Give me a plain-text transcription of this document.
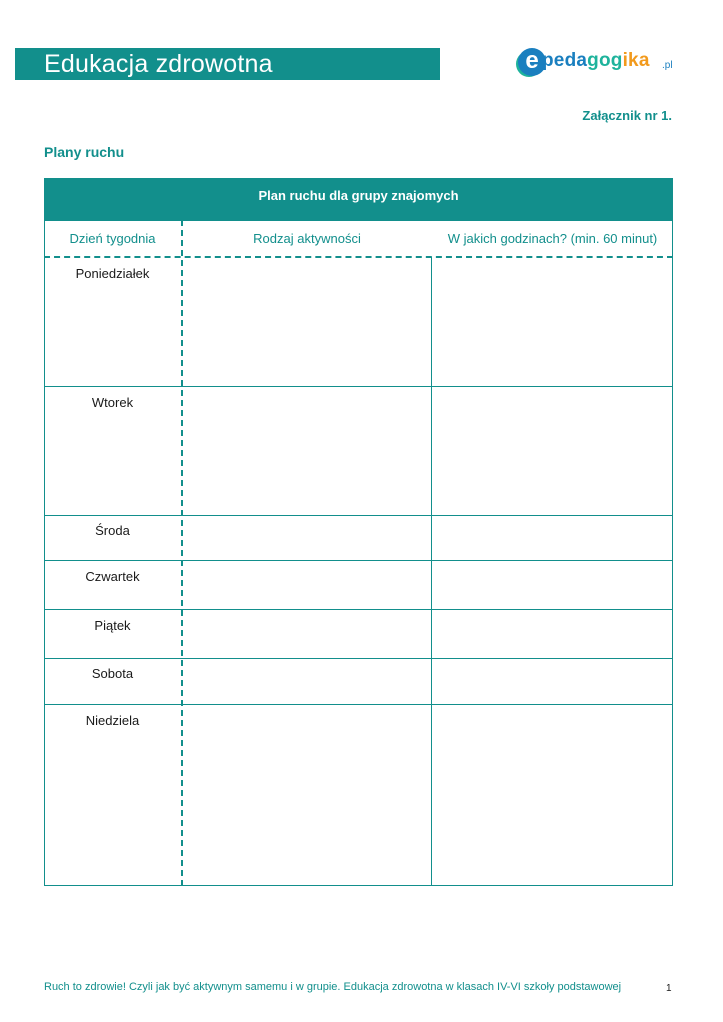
Edukacja zdrowotna	e pedagogika .pl
Załącznik nr 1.
Plany ruchu
Plan ruchu dla grupy znajomych
Dzień tygodnia	Rodzaj aktywności	W jakich godzinach? (min. 60 minut)
Poniedziałek
Wtorek
Środa
Czwartek
Piątek
Sobota
Niedziela
Ruch to zdrowie! Czyli jak być aktywnym samemu i w grupie. Edukacja zdrowotna w klasach IV-VI szkoły podstawowej	1
